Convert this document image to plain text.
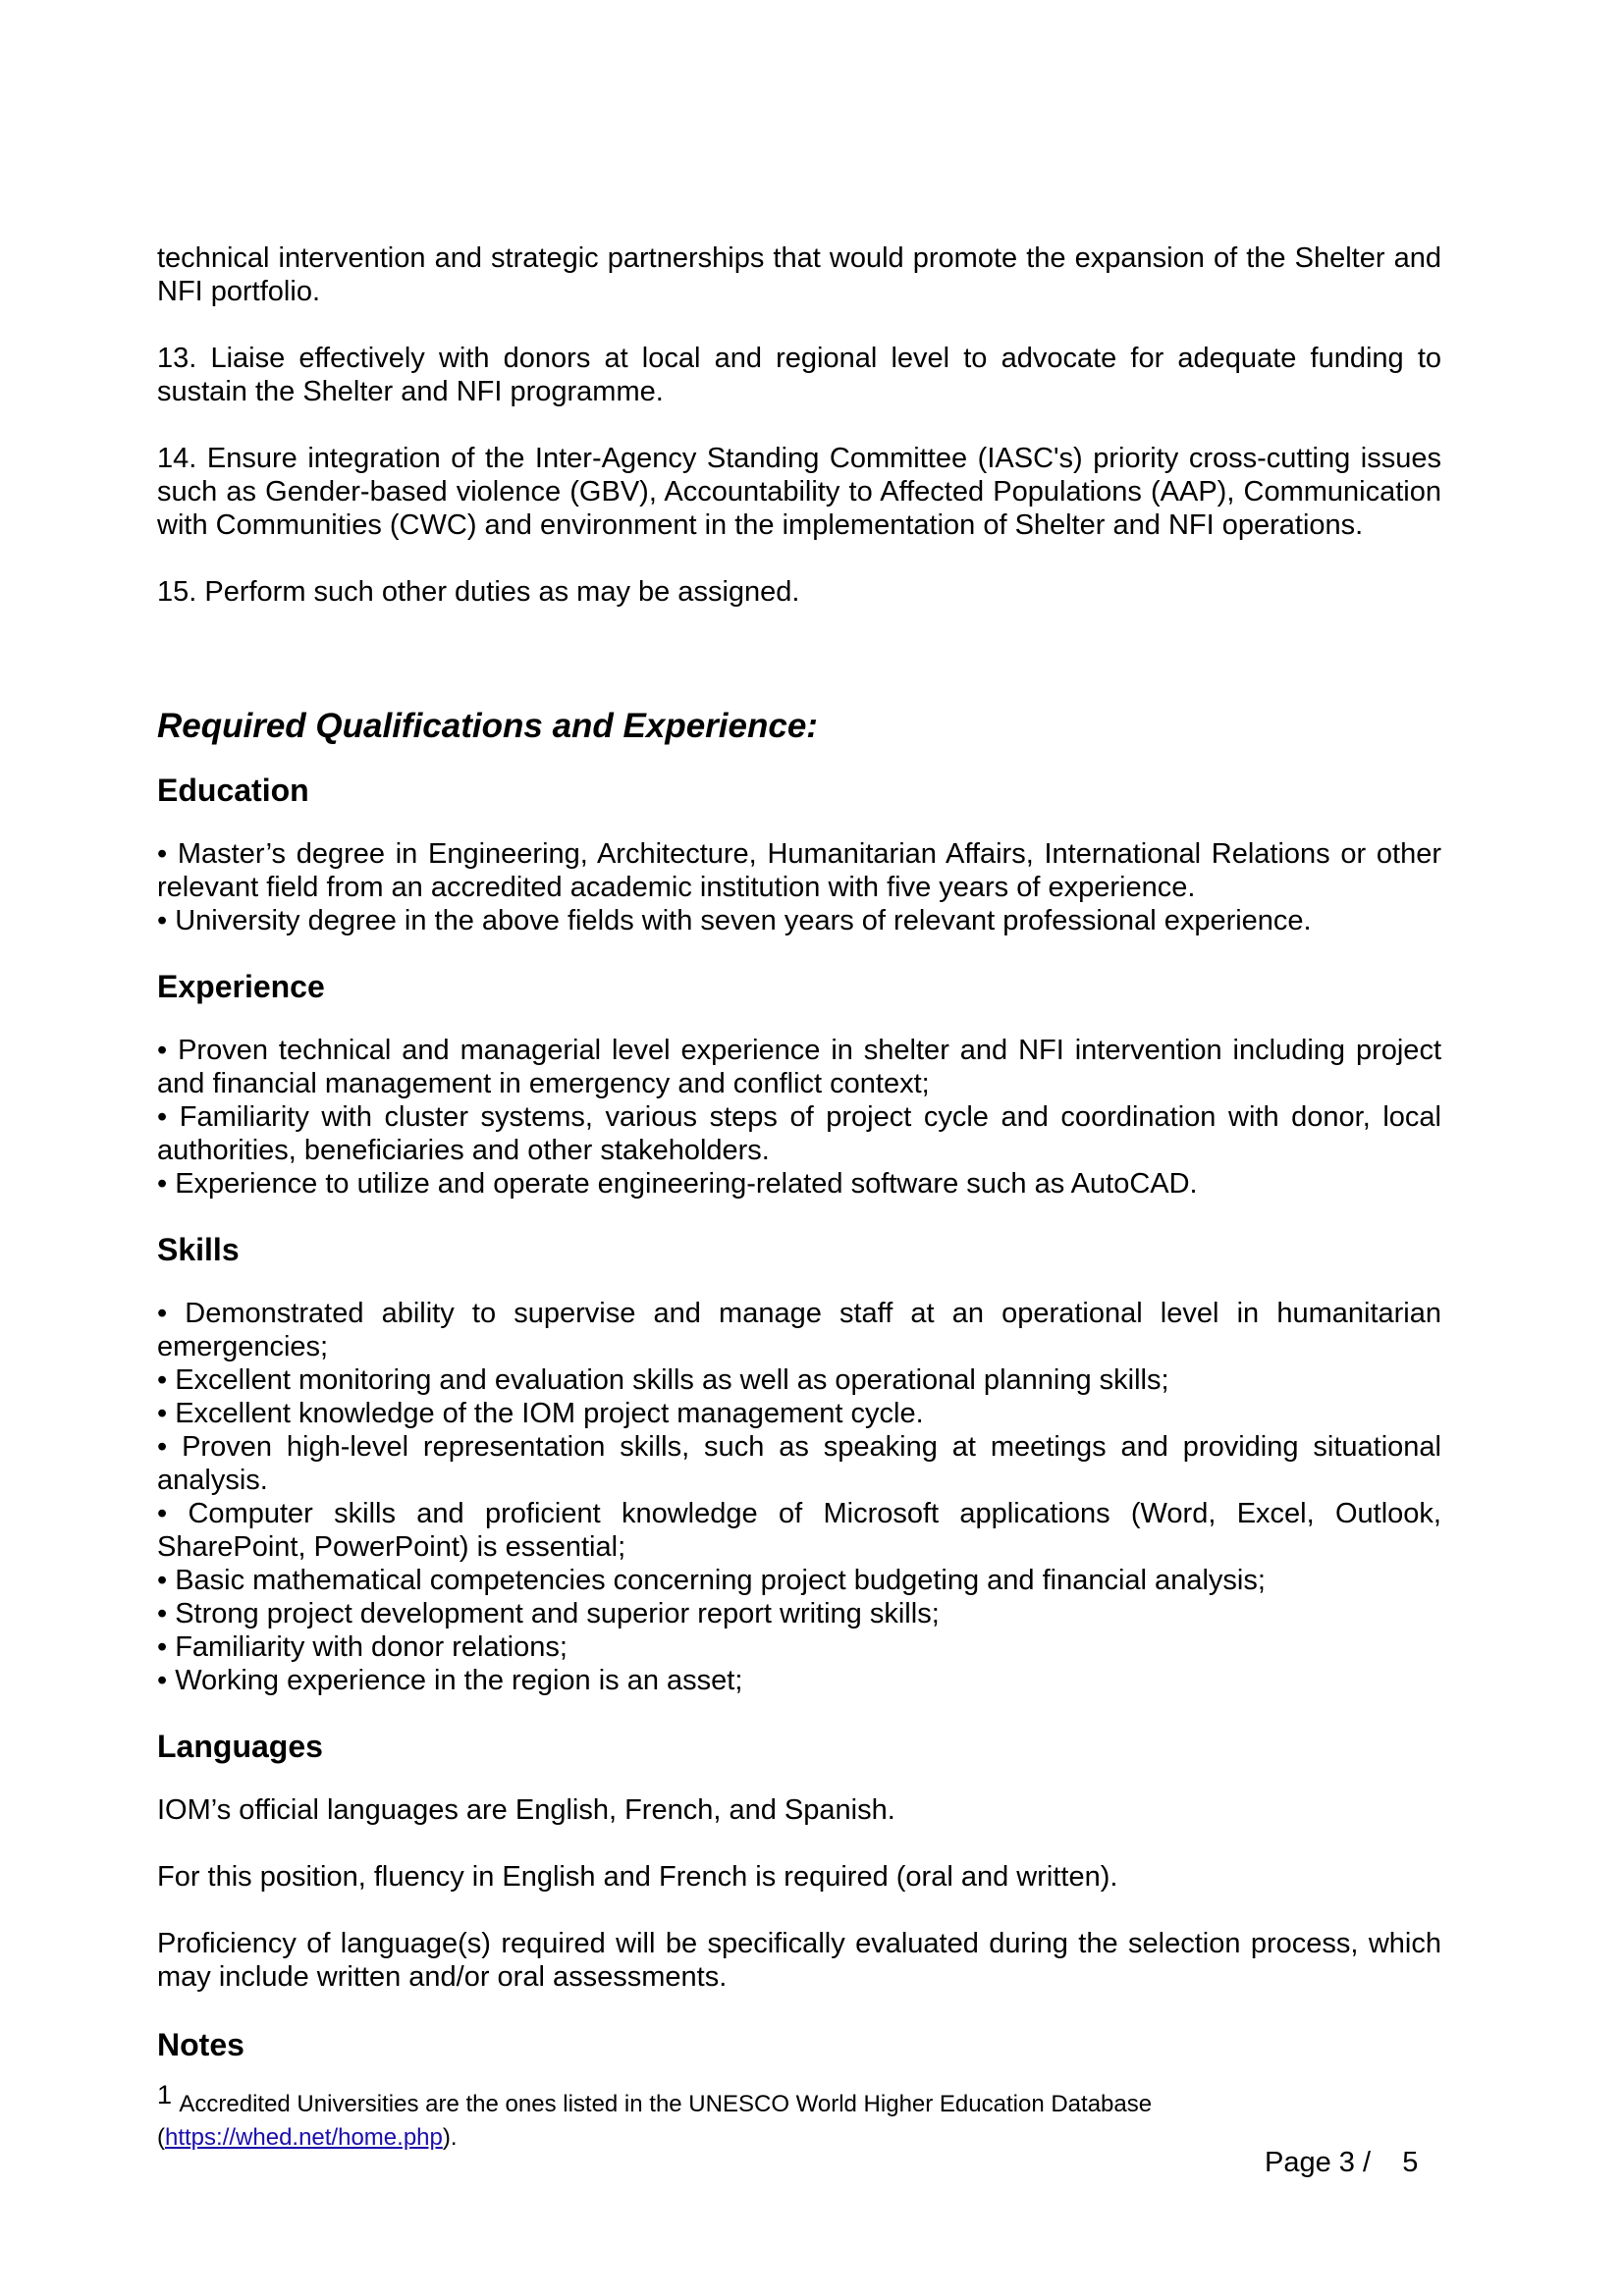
technical intervention and strategic partnerships that would promote the expansion of the Shelter and NFI portfolio.

13. Liaise effectively with donors at local and regional level to advocate for adequate funding to sustain the Shelter and NFI programme.

14. Ensure integration of the Inter-Agency Standing Committee (IASC's) priority cross-cutting issues such as Gender-based violence (GBV), Accountability to Affected Populations (AAP), Communication with Communities (CWC) and environment in the implementation of Shelter and NFI operations.

15. Perform such other duties as may be assigned.

Required Qualifications and Experience:
Education
• Master’s degree in Engineering, Architecture, Humanitarian Affairs, International Relations or other relevant field from an accredited academic institution with five years of experience.
• University degree in the above fields with seven years of relevant professional experience.
Experience
• Proven technical and managerial level experience in shelter and NFI intervention including project and financial management in emergency and conflict context;
• Familiarity with cluster systems, various steps of project cycle and coordination with donor, local authorities, beneficiaries and other stakeholders.
• Experience to utilize and operate engineering-related software such as AutoCAD.
Skills
• Demonstrated ability to supervise and manage staff at an operational level in humanitarian emergencies;
• Excellent monitoring and evaluation skills as well as operational planning skills;
• Excellent knowledge of the IOM project management cycle.
• Proven high-level representation skills, such as speaking at meetings and providing situational analysis.
• Computer skills and proficient knowledge of Microsoft applications (Word, Excel, Outlook, SharePoint, PowerPoint) is essential;
• Basic mathematical competencies concerning project budgeting and financial analysis;
• Strong project development and superior report writing skills;
• Familiarity with donor relations;
• Working experience in the region is an asset;
Languages

IOM’s official languages are English, French, and Spanish.

For this position, fluency in English and French is required (oral and written).

Proficiency of language(s) required will be specifically evaluated during the selection process, which may include written and/or oral assessments.

Notes
$^1$ Accredited Universities are the ones listed in the UNESCO World Higher Education Database
(https://whed.net/home.php).
Page 3 /    5
